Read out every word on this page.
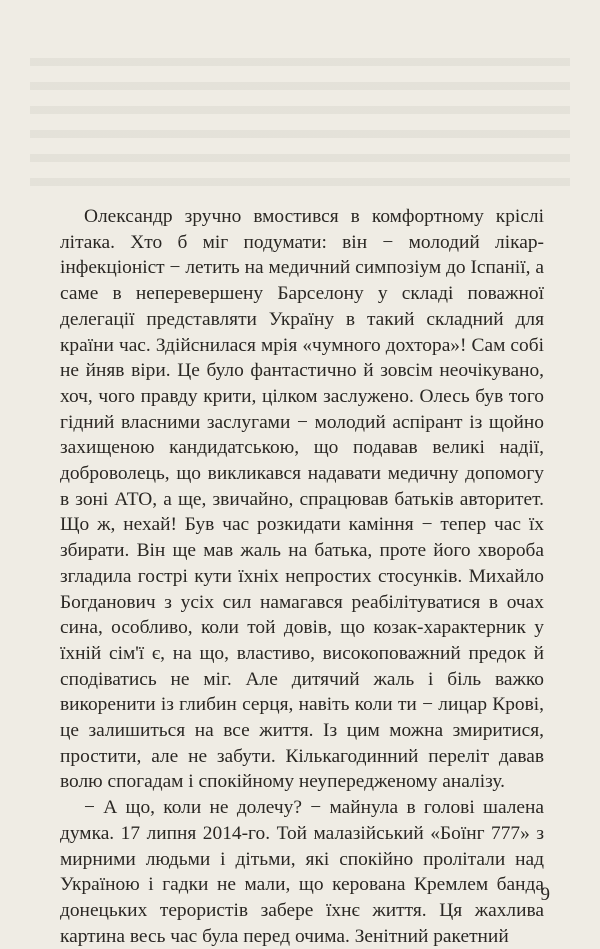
Олександр зручно вмостився в комфортному кріслі літака. Хто б міг подумати: він − молодий лікар-інфекціоніст − летить на медичний симпозіум до Іспанії, а саме в неперевершену Барселону у складі поважної делегації представляти Україну в такий складний для країни час. Здійснилася мрія «чумного дохтора»! Сам собі не йняв віри. Це було фантастично й зовсім неочікувано, хоч, чого правду крити, цілком заслужено. Олесь був того гідний власними заслугами − молодий аспірант із щойно захищеною кандидатською, що подавав великі надії, доброволець, що викликався надавати медичну допомогу в зоні АТО, а ще, звичайно, спрацював батьків авторитет. Що ж, нехай! Був час розкидати каміння − тепер час їх збирати. Він ще мав жаль на батька, проте його хвороба згладила гострі кути їхніх непростих стосунків. Михайло Богданович з усіх сил намагався реабілітуватися в очах сина, особливо, коли той довів, що козак-характерник у їхній сім'ї є, на що, властиво, високоповажний предок й сподіватись не міг. Але дитячий жаль і біль важко викоренити із глибин серця, навіть коли ти − лицар Крові, це залишиться на все життя. Із цим можна змиритися, простити, але не забути. Кількагодинний переліт давав волю спогадам і спокійному неупередженому аналізу.

− А що, коли не долечу? − майнула в голові шалена думка. 17 липня 2014-го. Той малазійський «Боїнг 777» з мирними людьми і дітьми, які спокійно пролітали над Україною і гадки не мали, що керована Кремлем банда донецьких терористів забере їхнє життя. Ця жахлива картина весь час була перед очима. Зенітний ракетний

9
